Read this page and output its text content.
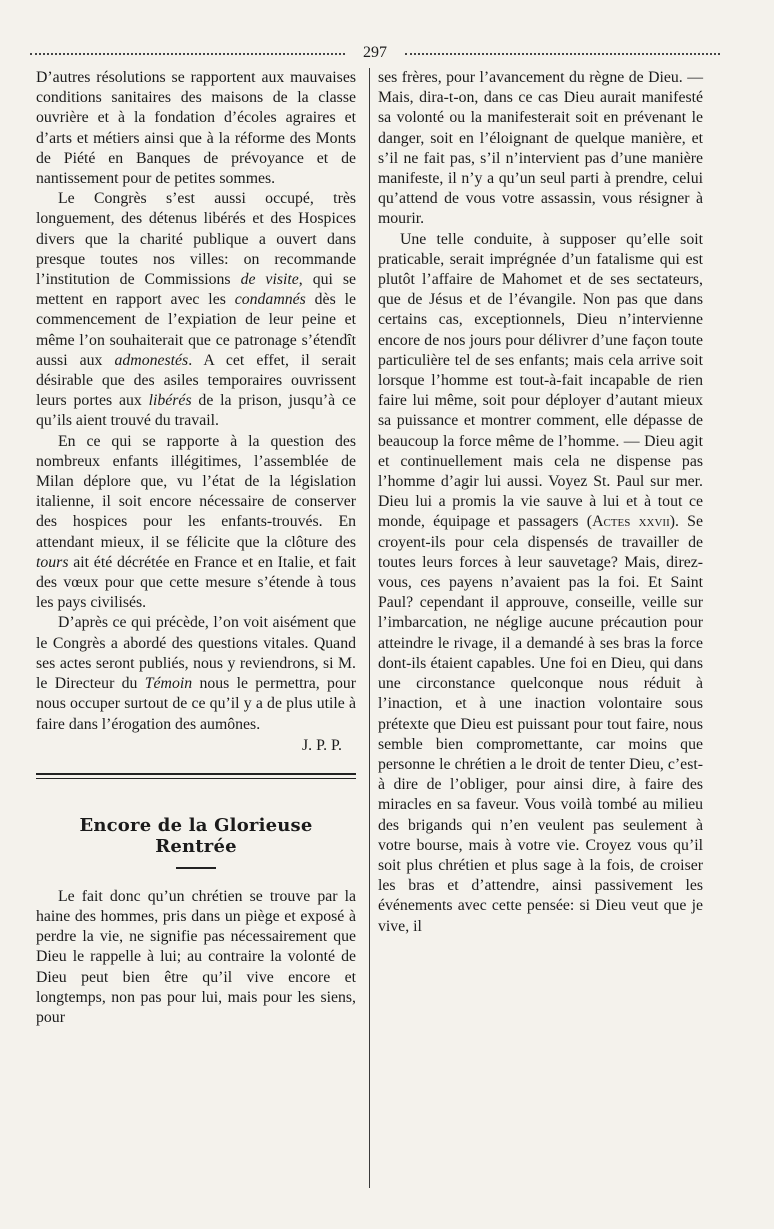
297

D’autres résolutions se rapportent aux mauvaises conditions sanitaires des maisons de la classe ouvrière et à la fondation d’écoles agraires et d’arts et métiers ainsi que à la réforme des Monts de Piété en Banques de prévoyance et de nantissement pour de petites sommes.

Le Congrès s’est aussi occupé, très longuement, des détenus libérés et des Hospices divers que la charité publique a ouvert dans presque toutes nos villes: on recommande l’institution de Commissions de visite, qui se mettent en rapport avec les condamnés dès le commencement de l’expiation de leur peine et même l’on souhaiterait que ce patronage s’étendît aussi aux admonestés. A cet effet, il serait désirable que des asiles temporaires ouvrissent leurs portes aux libérés de la prison, jusqu’à ce qu’ils aient trouvé du travail.

En ce qui se rapporte à la question des nombreux enfants illégitimes, l’assemblée de Milan déplore que, vu l’état de la législation italienne, il soit encore nécessaire de conserver des hospices pour les enfants-trouvés. En attendant mieux, il se félicite que la clôture des tours ait été décrétée en France et en Italie, et fait des vœux pour que cette mesure s’étende à tous les pays civilisés.

D’après ce qui précède, l’on voit aisément que le Congrès a abordé des questions vitales. Quand ses actes seront publiés, nous y reviendrons, si M. le Directeur du Témoin nous le permettra, pour nous occuper surtout de ce qu’il y a de plus utile à faire dans l’érogation des aumônes.

J. P. P.
Encore de la Glorieuse Rentrée

Le fait donc qu’un chrétien se trouve par la haine des hommes, pris dans un piège et exposé à perdre la vie, ne signifie pas nécessairement que Dieu le rappelle à lui; au contraire la volonté de Dieu peut bien être qu’il vive encore et longtemps, non pas pour lui, mais pour les siens, pour

ses frères, pour l’avancement du règne de Dieu. — Mais, dira-t-on, dans ce cas Dieu aurait manifesté sa volonté ou la manifesterait soit en prévenant le danger, soit en l’éloignant de quelque manière, et s’il ne fait pas, s’il n’intervient pas d’une manière manifeste, il n’y a qu’un seul parti à prendre, celui qu’attend de vous votre assassin, vous résigner à mourir.

Une telle conduite, à supposer qu’elle soit praticable, serait imprégnée d’un fatalisme qui est plutôt l’affaire de Mahomet et de ses sectateurs, que de Jésus et de l’évangile. Non pas que dans certains cas, exceptionnels, Dieu n’intervienne encore de nos jours pour délivrer d’une façon toute particulière tel de ses enfants; mais cela arrive soit lorsque l’homme est tout-à-fait incapable de rien faire lui même, soit pour déployer d’autant mieux sa puissance et montrer comment, elle dépasse de beaucoup la force même de l’homme. — Dieu agit et continuellement mais cela ne dispense pas l’homme d’agir lui aussi. Voyez St. Paul sur mer. Dieu lui a promis la vie sauve à lui et à tout ce monde, équipage et passagers (Actes xxvii). Se croyent-ils pour cela dispensés de travailler de toutes leurs forces à leur sauvetage? Mais, direz-vous, ces payens n’avaient pas la foi. Et Saint Paul? cependant il approuve, conseille, veille sur l’imbarcation, ne néglige aucune précaution pour atteindre le rivage, il a demandé à ses bras la force dont-ils étaient capables. Une foi en Dieu, qui dans une circonstance quelconque nous réduit à l’inaction, et à une inaction volontaire sous prétexte que Dieu est puissant pour tout faire, nous semble bien compromettante, car moins que personne le chrétien a le droit de tenter Dieu, c’est-à dire de l’obliger, pour ainsi dire, à faire des miracles en sa faveur. Vous voilà tombé au milieu des brigands qui n’en veulent pas seulement à votre bourse, mais à votre vie. Croyez vous qu’il soit plus chrétien et plus sage à la fois, de croiser les bras et d’attendre, ainsi passivement les événements avec cette pensée: si Dieu veut que je vive, il
